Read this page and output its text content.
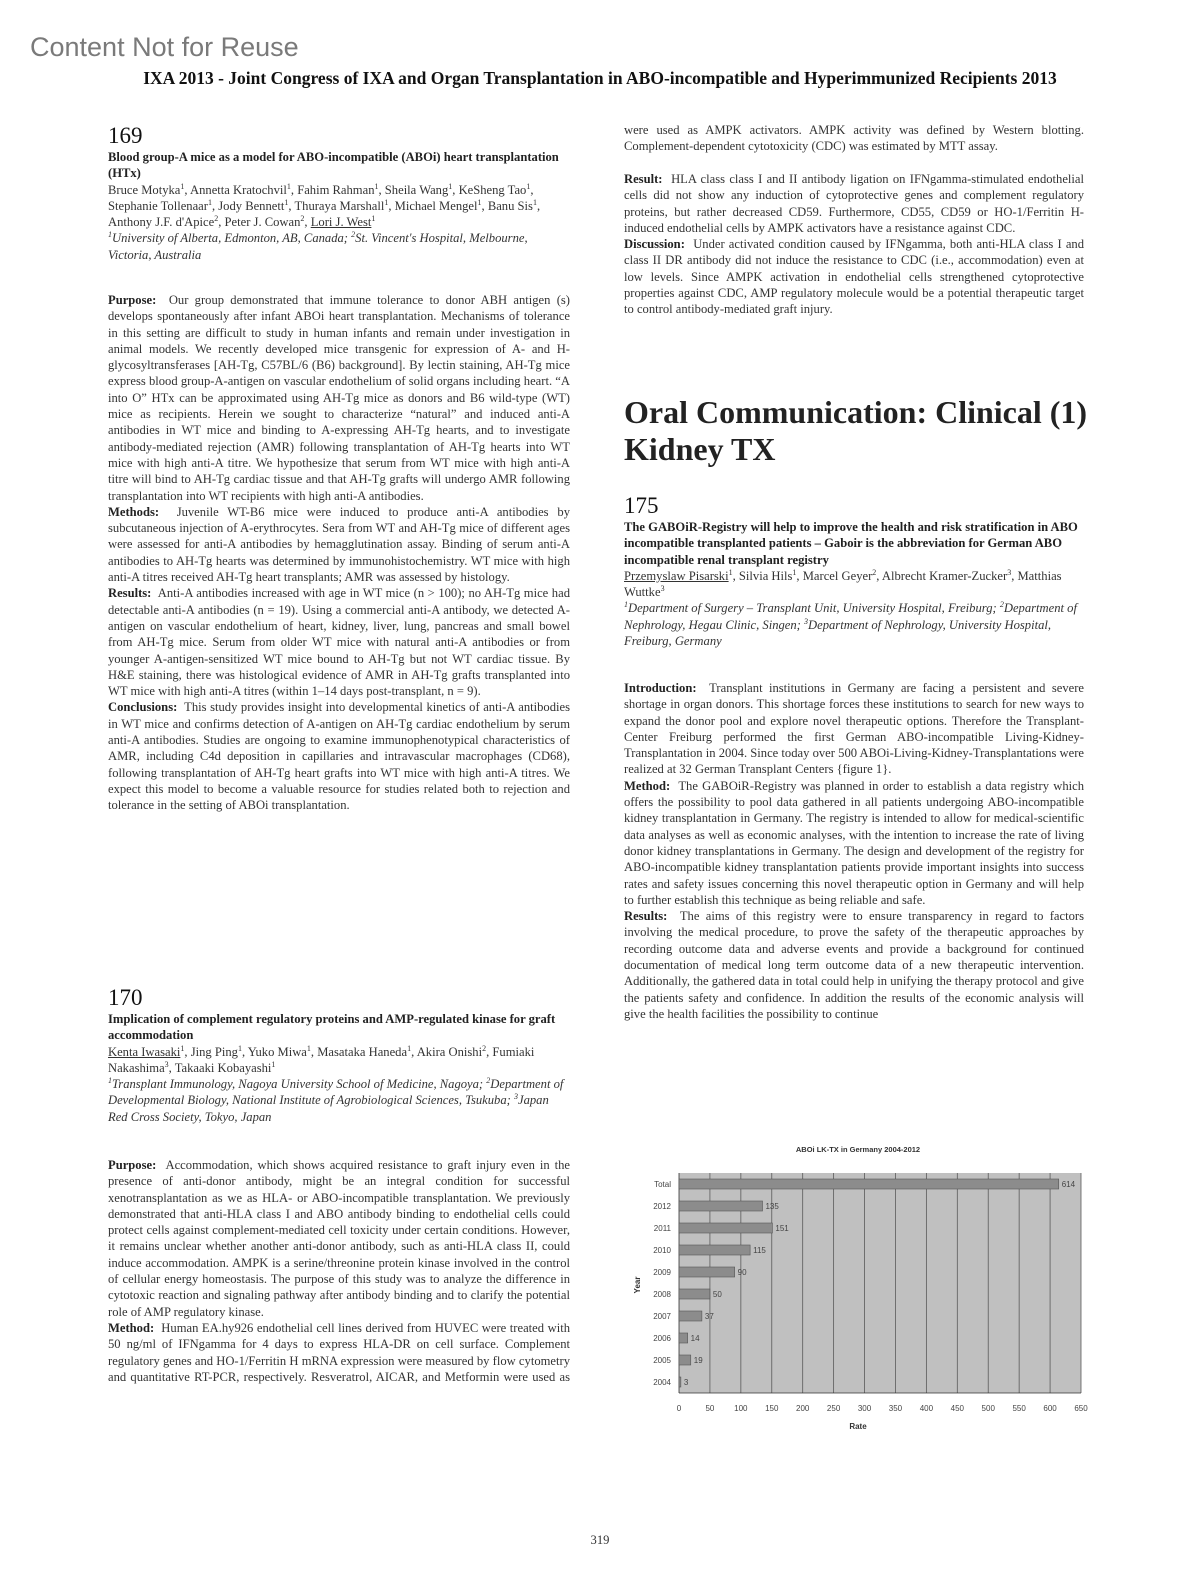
Content Not for Reuse
IXA 2013 - Joint Congress of IXA and Organ Transplantation in ABO-incompatible and Hyperimmunized Recipients 2013
169
Blood group-A mice as a model for ABO-incompatible (ABOi) heart transplantation (HTx)
Bruce Motyka$^1$, Annetta Kratochvil$^1$, Fahim Rahman$^1$, Sheila Wang$^1$, KeSheng Tao$^1$, Stephanie Tollenaar$^1$, Jody Bennett$^1$, Thuraya Marshall$^1$, Michael Mengel$^1$, Banu Sis$^1$, Anthony J.F. d'Apice$^2$, Peter J. Cowan$^2$, Lori J. West$^1$
$^1$University of Alberta, Edmonton, AB, Canada; $^2$St. Vincent's Hospital, Melbourne, Victoria, Australia
Purpose: Our group demonstrated that immune tolerance to donor ABH antigen (s) develops spontaneously after infant ABOi heart transplantation. Mechanisms of tolerance in this setting are difficult to study in human infants and remain under investigation in animal models. We recently developed mice transgenic for expression of A- and H-glycosyltransferases [AH-Tg, C57BL/6 (B6) background]. By lectin staining, AH-Tg mice express blood group-A-antigen on vascular endothelium of solid organs including heart. “A into O” HTx can be approximated using AH-Tg mice as donors and B6 wild-type (WT) mice as recipients. Herein we sought to characterize “natural” and induced anti-A antibodies in WT mice and binding to A-expressing AH-Tg hearts, and to investigate antibody-mediated rejection (AMR) following transplantation of AH-Tg hearts into WT mice with high anti-A titre. We hypothesize that serum from WT mice with high anti-A titre will bind to AH-Tg cardiac tissue and that AH-Tg grafts will undergo AMR following transplantation into WT recipients with high anti-A antibodies.
Methods: Juvenile WT-B6 mice were induced to produce anti-A antibodies by subcutaneous injection of A-erythrocytes. Sera from WT and AH-Tg mice of different ages were assessed for anti-A antibodies by hemagglutination assay. Binding of serum anti-A antibodies to AH-Tg hearts was determined by immunohistochemistry. WT mice with high anti-A titres received AH-Tg heart transplants; AMR was assessed by histology.
Results: Anti-A antibodies increased with age in WT mice (n > 100); no AH-Tg mice had detectable anti-A antibodies (n = 19). Using a commercial anti-A antibody, we detected A-antigen on vascular endothelium of heart, kidney, liver, lung, pancreas and small bowel from AH-Tg mice. Serum from older WT mice with natural anti-A antibodies or from younger A-antigen-sensitized WT mice bound to AH-Tg but not WT cardiac tissue. By H&E staining, there was histological evidence of AMR in AH-Tg grafts transplanted into WT mice with high anti-A titres (within 1–14 days post-transplant, n = 9).
Conclusions: This study provides insight into developmental kinetics of anti-A antibodies in WT mice and confirms detection of A-antigen on AH-Tg cardiac endothelium by serum anti-A antibodies. Studies are ongoing to examine immunophenotypical characteristics of AMR, including C4d deposition in capillaries and intravascular macrophages (CD68), following transplantation of AH-Tg heart grafts into WT mice with high anti-A titres. We expect this model to become a valuable resource for studies related both to rejection and tolerance in the setting of ABOi transplantation.
170
Implication of complement regulatory proteins and AMP-regulated kinase for graft accommodation
Kenta Iwasaki$^1$, Jing Ping$^1$, Yuko Miwa$^1$, Masataka Haneda$^1$, Akira Onishi$^2$, Fumiaki Nakashima$^3$, Takaaki Kobayashi$^1$
$^1$Transplant Immunology, Nagoya University School of Medicine, Nagoya; $^2$Department of Developmental Biology, National Institute of Agrobiological Sciences, Tsukuba; $^3$Japan Red Cross Society, Tokyo, Japan
Purpose: Accommodation, which shows acquired resistance to graft injury even in the presence of anti-donor antibody, might be an integral condition for successful xenotransplantation as we as HLA- or ABO-incompatible transplantation. We previously demonstrated that anti-HLA class I and ABO antibody binding to endothelial cells could protect cells against complement-mediated cell toxicity under certain conditions. However, it remains unclear whether another anti-donor antibody, such as anti-HLA class II, could induce accommodation. AMPK is a serine/threonine protein kinase involved in the control of cellular energy homeostasis. The purpose of this study was to analyze the difference in cytotoxic reaction and signaling pathway after antibody binding and to clarify the potential role of AMP regulatory kinase.
Method: Human EA.hy926 endothelial cell lines derived from HUVEC were treated with 50 ng/ml of IFNgamma for 4 days to express HLA-DR on cell surface. Complement regulatory genes and HO-1/Ferritin H mRNA expression were measured by flow cytometry and quantitative RT-PCR, respectively. Resveratrol, AICAR, and Metformin were used as
were used as AMPK activators. AMPK activity was defined by Western blotting. Complement-dependent cytotoxicity (CDC) was estimated by MTT assay.
Result: HLA class class I and II antibody ligation on IFNgamma-stimulated endothelial cells did not show any induction of cytoprotective genes and complement regulatory proteins, but rather decreased CD59. Furthermore, CD55, CD59 or HO-1/Ferritin H-induced endothelial cells by AMPK activators have a resistance against CDC.
Discussion: Under activated condition caused by IFNgamma, both anti-HLA class I and class II DR antibody did not induce the resistance to CDC (i.e., accommodation) even at low levels. Since AMPK activation in endothelial cells strengthened cytoprotective properties against CDC, AMP regulatory molecule would be a potential therapeutic target to control antibody-mediated graft injury.
Oral Communication: Clinical (1) Kidney TX
175
The GABOiR-Registry will help to improve the health and risk stratification in ABO incompatible transplanted patients – Gaboir is the abbreviation for German ABO incompatible renal transplant registry
Przemyslaw Pisarski$^1$, Silvia Hils$^1$, Marcel Geyer$^2$, Albrecht Kramer-Zucker$^3$, Matthias Wuttke$^3$
$^1$Department of Surgery – Transplant Unit, University Hospital, Freiburg; $^2$Department of Nephrology, Hegau Clinic, Singen; $^3$Department of Nephrology, University Hospital, Freiburg, Germany
Introduction: Transplant institutions in Germany are facing a persistent and severe shortage in organ donors. This shortage forces these institutions to search for new ways to expand the donor pool and explore novel therapeutic options. Therefore the Transplant-Center Freiburg performed the first German ABO-incompatible Living-Kidney-Transplantation in 2004. Since today over 500 ABOi-Living-Kidney-Transplantations were realized at 32 German Transplant Centers {figure 1}.
Method: The GABOiR-Registry was planned in order to establish a data registry which offers the possibility to pool data gathered in all patients undergoing ABO-incompatible kidney transplantation in Germany. The registry is intended to allow for medical-scientific data analyses as well as economic analyses, with the intention to increase the rate of living donor kidney transplantations in Germany. The design and development of the registry for ABO-incompatible kidney transplantation patients provide important insights into success rates and safety issues concerning this novel therapeutic option in Germany and will help to further establish this technique as being reliable and safe.
Results: The aims of this registry were to ensure transparency in regard to factors involving the medical procedure, to prove the safety of the therapeutic approaches by recording outcome data and adverse events and provide a background for continued documentation of medical long term outcome data of a new therapeutic intervention. Additionally, the gathered data in total could help in unifying the therapy protocol and give the patients safety and confidence. In addition the results of the economic analysis will give the health facilities the possibility to continue
ABOi LK-TX in Germany 2004-2012
Year
Rate
0	50 100 150 200 250 300 350 400 450 500 550 600 650
Total	614
2012	135
2011	151
2010	115
2009	90
2008	50
2007	37
2006 14
2005	19
2004 3
319
